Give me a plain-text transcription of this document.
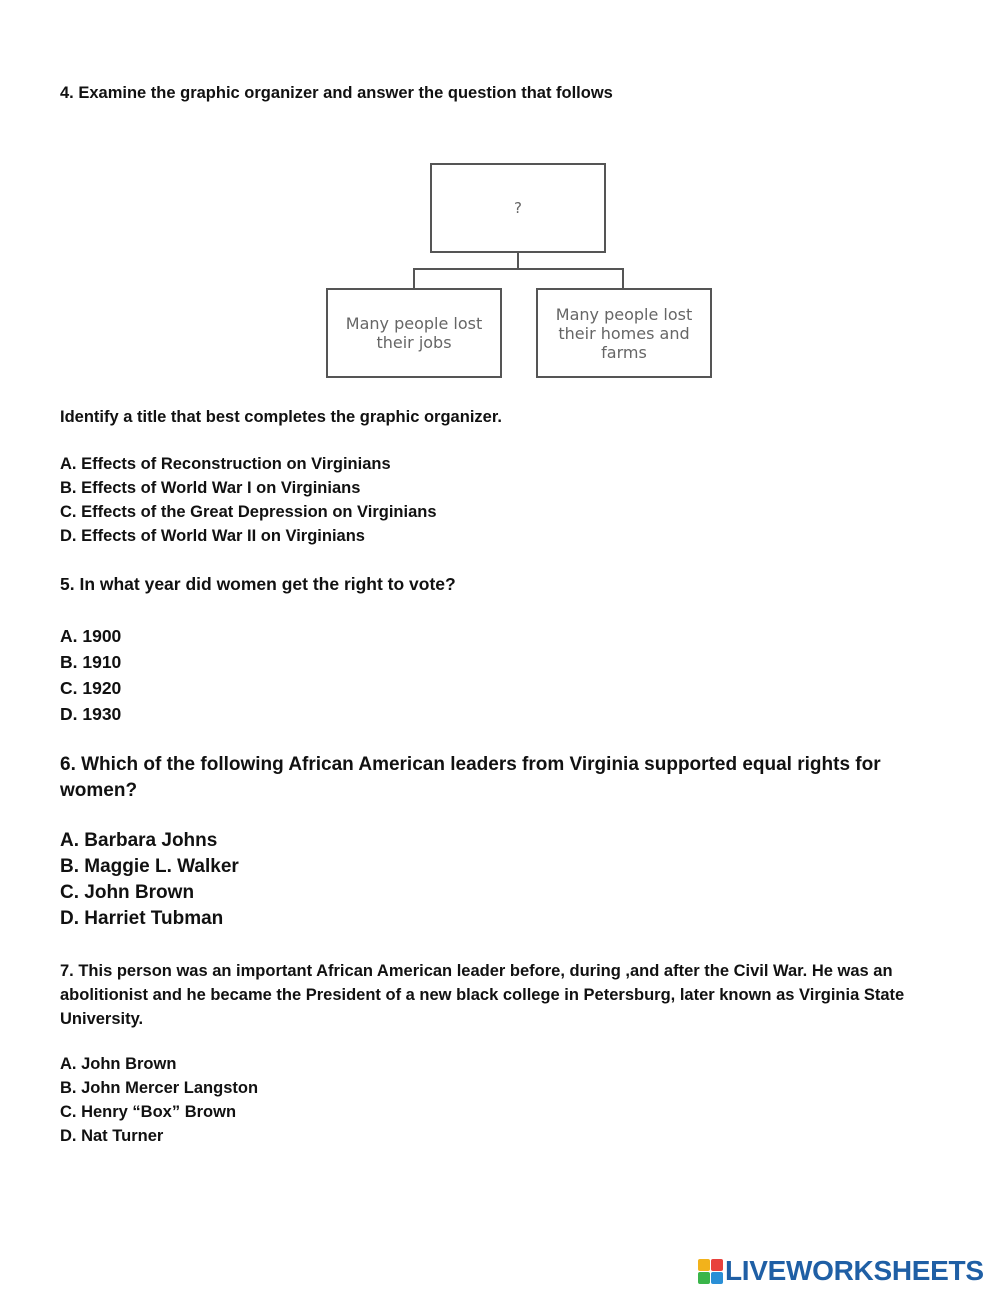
4. Examine the graphic organizer and answer the question that follows

?
Many people lost their jobs
Many people lost their homes and farms

Identify a title that best completes the graphic organizer.

A. Effects of Reconstruction on Virginians

B. Effects of World War I on Virginians

C. Effects of the Great Depression on Virginians

D. Effects of World War II on Virginians

5. In what year did women get the right to vote?

A. 1900

B. 1910

C. 1920

D. 1930

6. Which of the following African American leaders from Virginia supported equal rights for women?

A. Barbara Johns

B. Maggie L. Walker

C. John Brown

D. Harriet Tubman

7. This person was an important African American leader before, during ,and after the Civil War. He was an abolitionist and he became the President of a new black college in Petersburg, later known as Virginia State University.

A. John Brown

B. John Mercer Langston

C. Henry “Box” Brown

D. Nat Turner

LIVEWORKSHEETS
